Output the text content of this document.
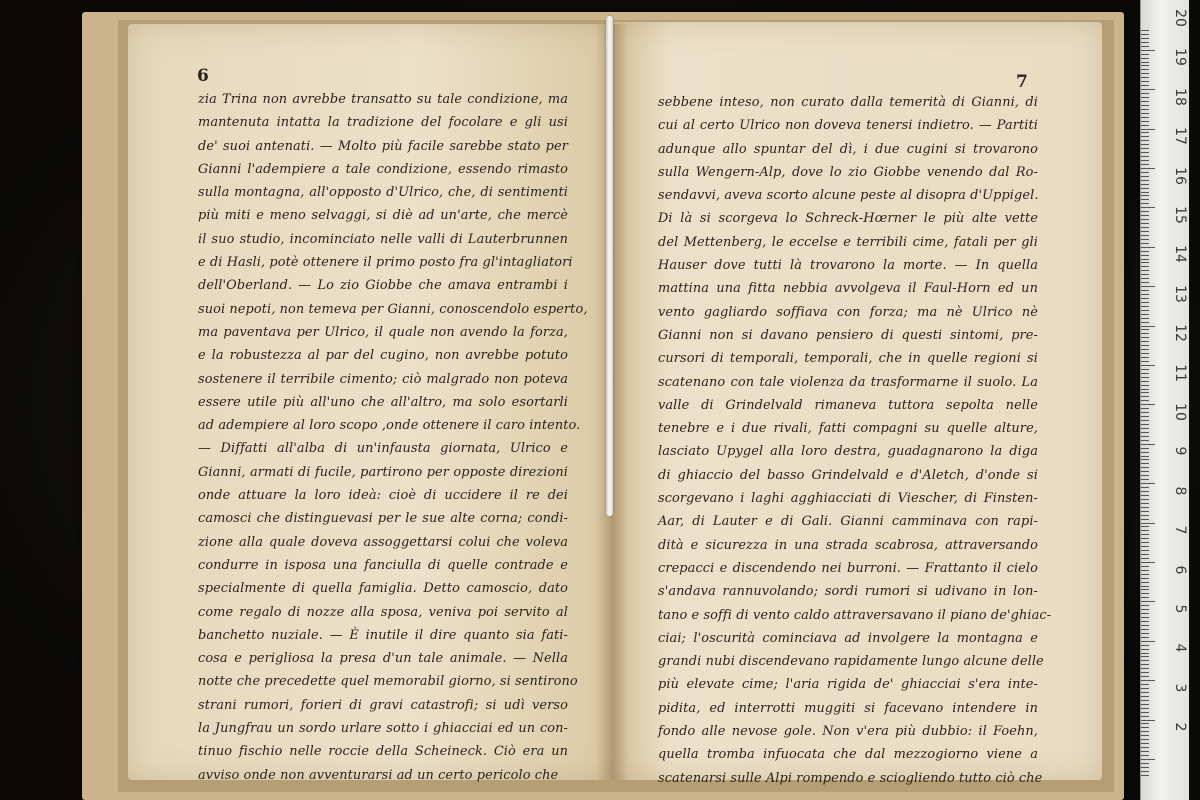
6	7
zia Trina non avrebbe transatto su tale condizione, ma
mantenuta intatta la tradizione del focolare e gli usi
de' suoi antenati. — Molto più facile sarebbe stato per
Gianni l'adempiere a tale condizione, essendo rimasto
sulla montagna, all'opposto d'Ulrico, che, di sentimenti
più miti e meno selvaggi, si diè ad un'arte, che mercè
il suo studio, incominciato nelle valli di Lauterbrunnen
e di Hasli, potè ottenere il primo posto fra gl'intagliatori
dell'Oberland. — Lo zio Giobbe che amava entrambi i
suoi nepoti, non temeva per Gianni, conoscendolo esperto,
ma paventava per Ulrico, il quale non avendo la forza,
e la robustezza al par del cugino, non avrebbe potuto
sostenere il terribile cimento; ciò malgrado non poteva
essere utile più all'uno che all'altro, ma solo esortarli
ad adempiere al loro scopo ,onde ottenere il caro intento.
— Diffatti all'alba di un'infausta giornata, Ulrico e
Gianni, armati di fucile, partirono per opposte direzioni
onde attuare la loro ideà: cioè di uccidere il re dei
camosci che distinguevasi per le sue alte corna; condi-
zione alla quale doveva assoggettarsi colui che voleva
condurre in isposa una fanciulla di quelle contrade e
specialmente di quella famiglia. Detto camoscio, dato
come regalo di nozze alla sposa, veniva poi servito al
banchetto nuziale. — È inutile il dire quanto sia fati-
cosa e perigliosa la presa d'un tale animale. — Nella
notte che precedette quel memorabil giorno, si sentirono
strani rumori, forieri di gravi catastrofi; si udì verso
la Jungfrau un sordo urlare sotto i ghiacciai ed un con-
tinuo fischio nelle roccie della Scheineck. Ciò era un
avviso onde non avventurarsi ad un certo pericolo che
sebbene inteso, non curato dalla temerità di Gianni, di
cui al certo Ulrico non doveva tenersi indietro. — Partiti
adunque allo spuntar del dì, i due cugini si trovarono
sulla Wengern-Alp, dove lo zio Giobbe venendo dal Ro-
sendavvi, aveva scorto alcune peste al disopra d'Uppigel.
Di là si scorgeva lo Schreck-Hœrner le più alte vette
del Mettenberg, le eccelse e terribili cime, fatali per gli
Hauser dove tutti là trovarono la morte. — In quella
mattina una fitta nebbia avvolgeva il Faul-Horn ed un
vento gagliardo soffiava con forza; ma nè Ulrico nè
Gianni non si davano pensiero di questi sintomi, pre-
cursori di temporali, temporali, che in quelle regioni si
scatenano con tale violenza da trasformarne il suolo. La
valle di Grindelvald rimaneva tuttora sepolta nelle
tenebre e i due rivali, fatti compagni su quelle alture,
lasciato Upygel alla loro destra, guadagnarono la diga
di ghiaccio del basso Grindelvald e d'Aletch, d'onde si
scorgevano i laghi agghiacciati di Viescher, di Finsten-
Aar, di Lauter e di Gali. Gianni camminava con rapi-
dità e sicurezza in una strada scabrosa, attraversando
crepacci e discendendo nei burroni. — Frattanto il cielo
s'andava rannuvolando; sordi rumori si udivano in lon-
tano e soffi di vento caldo attraversavano il piano de'ghiac-
ciai; l'oscurità cominciava ad involgere la montagna e
grandi nubi discendevano rapidamente lungo alcune delle
più elevate cime; l'aria rigida de' ghiacciai s'era inte-
pidita, ed interrotti muggiti si facevano intendere in
fondo alle nevose gole. Non v'era più dubbio: il Foehn,
quella tromba infuocata che dal mezzogiorno viene a
scatenarsi sulle Alpi rompendo e sciogliendo tutto ciò che
20
19
18
17
16
15
14
13
12
11
10
9
8
7
6
5
4
3
2
